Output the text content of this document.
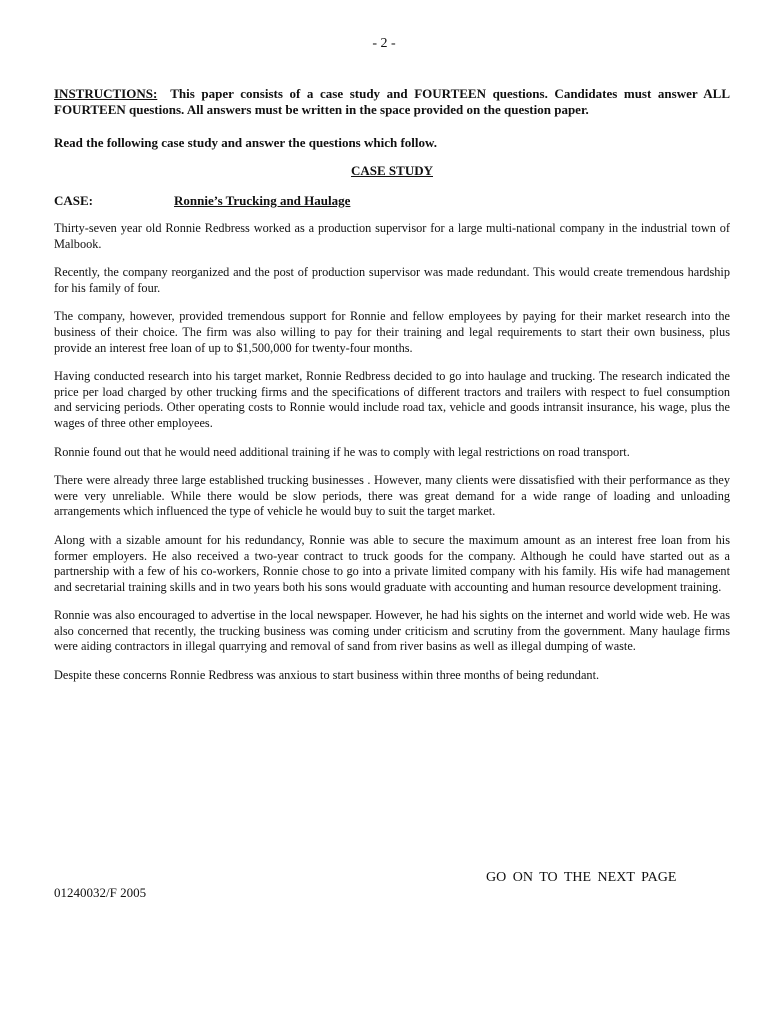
- 2 -

INSTRUCTIONS: This paper consists of a case study and FOURTEEN questions. Candidates must answer ALL FOURTEEN questions. All answers must be written in the space provided on the question paper.

Read the following case study and answer the questions which follow.

CASE STUDY

CASE:	Ronnie’s Trucking and Haulage

Thirty-seven year old Ronnie Redbress worked as a production supervisor for a large multi-national company in the industrial town of Malbook.

Recently, the company reorganized and the post of production supervisor was made redundant. This would create tremendous hardship for his family of four.

The company, however, provided tremendous support for Ronnie and fellow employees by paying for their market research into the business of their choice. The firm was also willing to pay for their training and legal requirements to start their own business, plus provide an interest free loan of up to $1,500,000 for twenty-four months.

Having conducted research into his target market, Ronnie Redbress decided to go into haulage and trucking. The research indicated the price per load charged by other trucking firms and the specifications of different tractors and trailers with respect to fuel consumption and servicing periods. Other operating costs to Ronnie would include road tax, vehicle and goods intransit insurance, his wage, plus the wages of three other employees.

Ronnie found out that he would need additional training if he was to comply with legal restrictions on road transport.

There were already three large established trucking businesses . However, many clients were dissatisfied with their performance as they were very unreliable. While there would be slow periods, there was great demand for a wide range of loading and unloading arrangements which influenced the type of vehicle he would buy to suit the target market.

Along with a sizable amount for his redundancy, Ronnie was able to secure the maximum amount as an interest free loan from his former employers. He also received a two-year contract to truck goods for the company. Although he could have started out as a partnership with a few of his co-workers, Ronnie chose to go into a private limited company with his family. His wife had management and secretarial training skills and in two years both his sons would graduate with accounting and human resource development training.

Ronnie was also encouraged to advertise in the local newspaper. However, he had his sights on the internet and world wide web. He was also concerned that recently, the trucking business was coming under criticism and scrutiny from the government. Many haulage firms were aiding contractors in illegal quarrying and removal of sand from river basins as well as illegal dumping of waste.

Despite these concerns Ronnie Redbress was anxious to start business within three months of being redundant.

GO ON TO THE NEXT PAGE
01240032/F 2005
